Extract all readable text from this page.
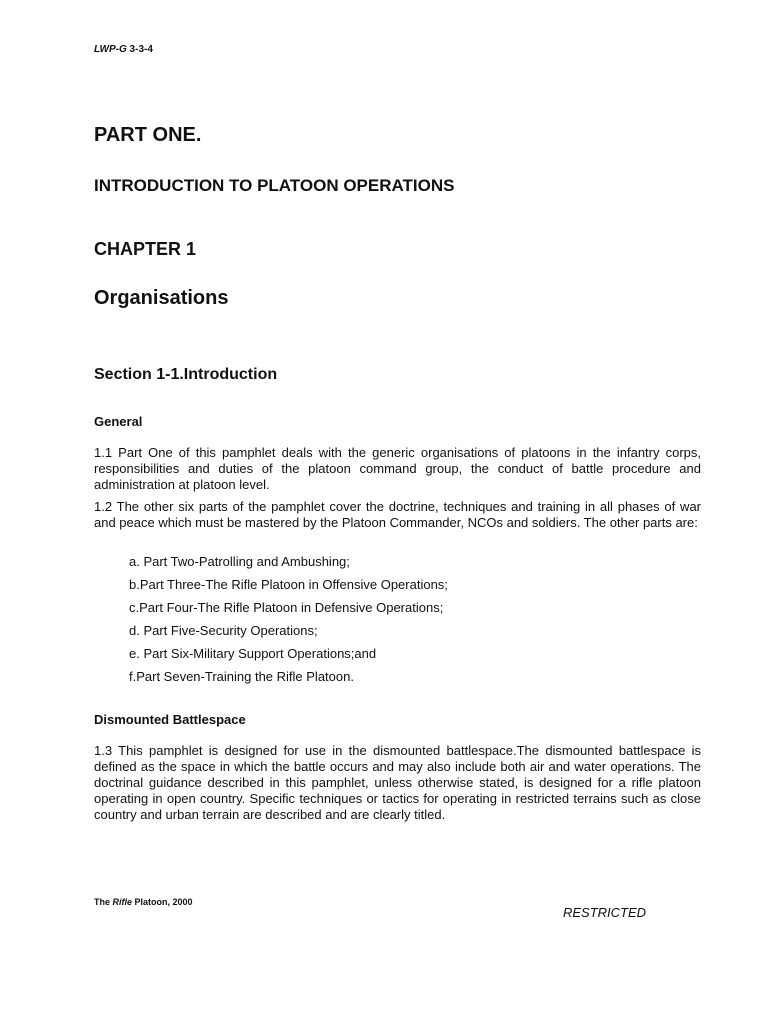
LWP-G 3-3-4
PART ONE.
INTRODUCTION TO PLATOON OPERATIONS
CHAPTER 1
Organisations
Section 1-1.Introduction
General

1.1 Part One of this pamphlet deals with the generic organisations of platoons in the infantry corps, responsibilities and duties of the platoon command group, the conduct of battle procedure and administration at platoon level.

1.2 The other six parts of the pamphlet cover the doctrine, techniques and training in all phases of war and peace which must be mastered by the Platoon Commander, NCOs and soldiers. The other parts are:

a. Part Two-Patrolling and Ambushing;
b.Part Three-The Rifle Platoon in Offensive Operations;
c.Part Four-The Rifle Platoon in Defensive Operations;
d. Part Five-Security Operations;
e. Part Six-Military Support Operations;and
f.Part Seven-Training the Rifle Platoon.
Dismounted Battlespace

1.3 This pamphlet is designed for use in the dismounted battlespace.The dismounted battlespace is defined as the space in which the battle occurs and may also include both air and water operations. The doctrinal guidance described in this pamphlet, unless otherwise stated, is designed for a rifle platoon operating in open country. Specific techniques or tactics for operating in restricted terrains such as close country and urban terrain are described and are clearly titled.

The Rifle Platoon, 2000
RESTRICTED
